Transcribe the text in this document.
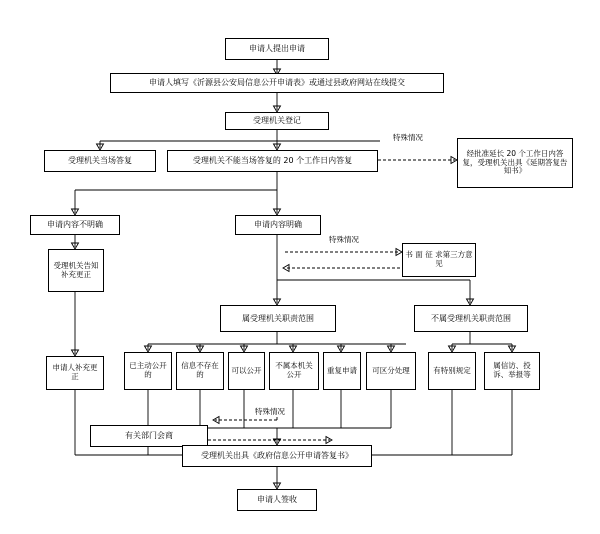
申请人提出申请
申请人填写《沂源县公安局信息公开申请表》或通过县政府网站在线提交
受理机关登记
受理机关当场答复	受理机关不能当场答复的 20 个工作日内答复
经批准延长 20 个工作日内答复，受理机关出具《延期答复告知书》
特殊情况
申请内容不明确	申请内容明确
特殊情况
书 面 征 求第三方意见
受理机关告知补充更正
属受理机关职责范围	不属受理机关职责范围
申请人补充更正
已主动公开的
信息不存在的	可以公开	不属本机关公开	重复申请	可区分处理	有特别规定	属信访、投诉、举报等
特殊情况
有关部门会商
受理机关出具《政府信息公开申请答复书》
申请人签收
